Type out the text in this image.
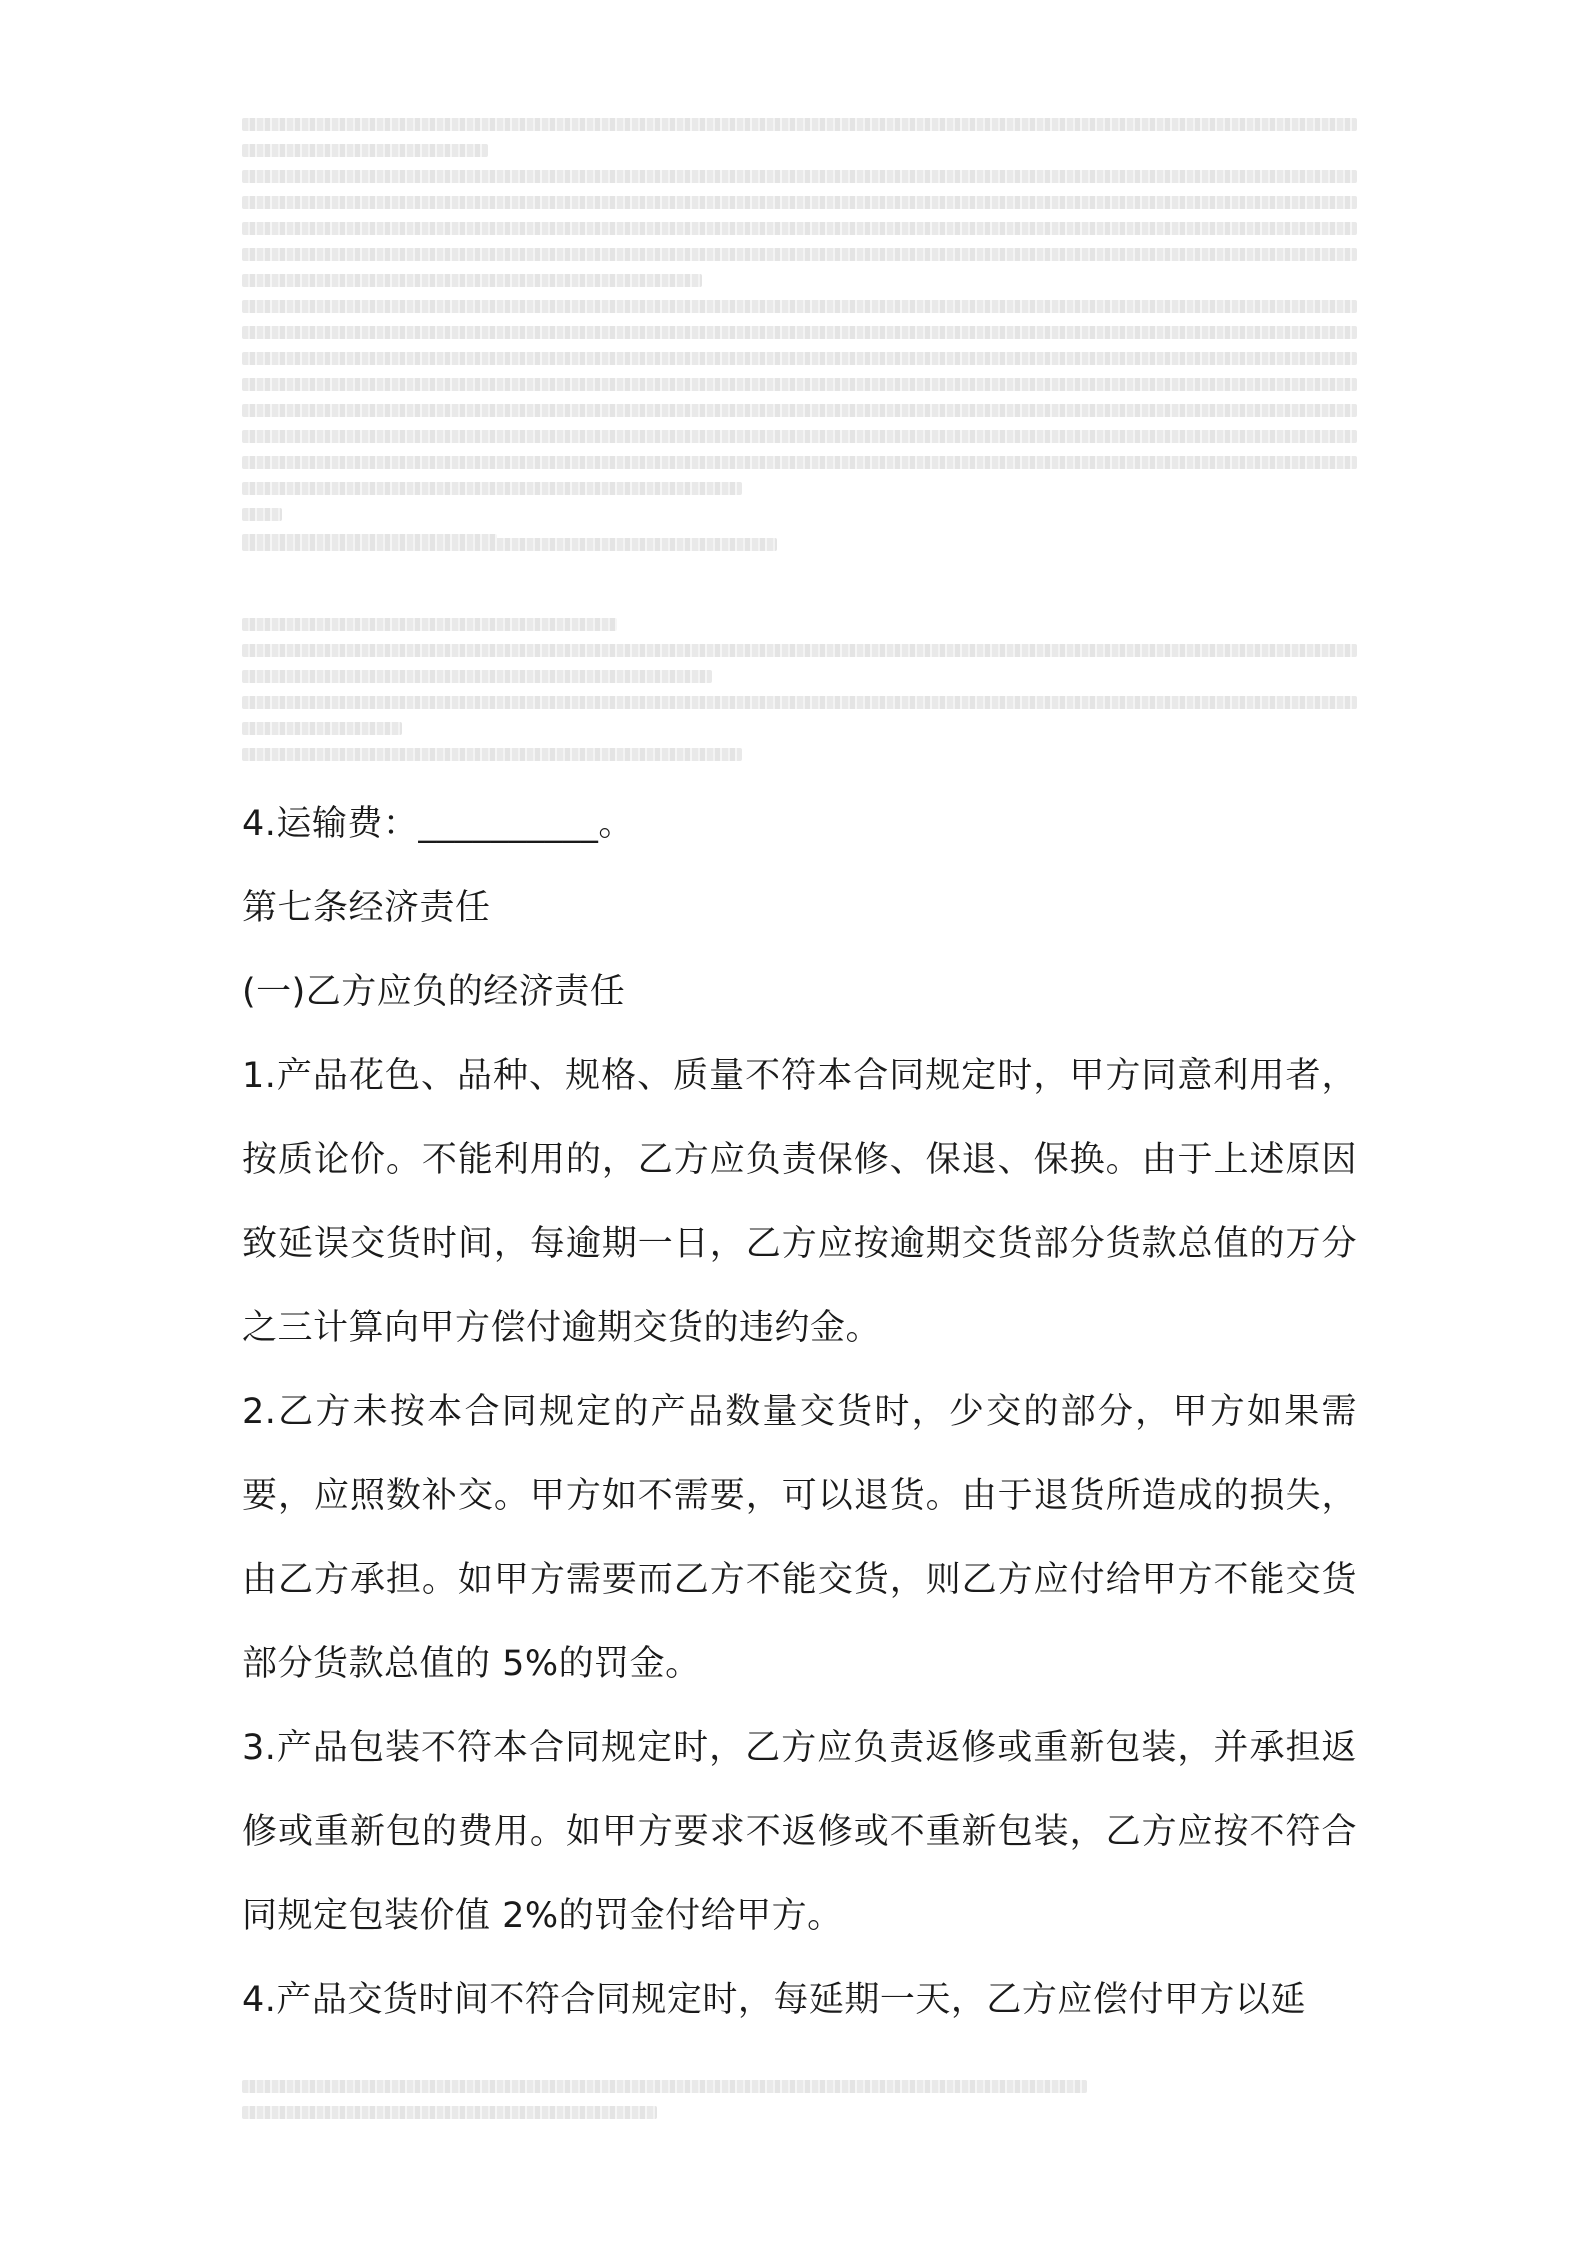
4.运输费：__________。
第七条经济责任
(一)乙方应负的经济责任
1.产品花色、品种、规格、质量不符本合同规定时，甲方同意利用者，按质论价。不能利用的，乙方应负责保修、保退、保换。由于上述原因致延误交货时间，每逾期一日，乙方应按逾期交货部分货款总值的万分之三计算向甲方偿付逾期交货的违约金。
2.乙方未按本合同规定的产品数量交货时，少交的部分，甲方如果需要，应照数补交。甲方如不需要，可以退货。由于退货所造成的损失，由乙方承担。如甲方需要而乙方不能交货，则乙方应付给甲方不能交货部分货款总值的 5%的罚金。
3.产品包装不符本合同规定时，乙方应负责返修或重新包装，并承担返修或重新包的费用。如甲方要求不返修或不重新包装，乙方应按不符合同规定包装价值 2%的罚金付给甲方。
4.产品交货时间不符合同规定时，每延期一天，乙方应偿付甲方以延
